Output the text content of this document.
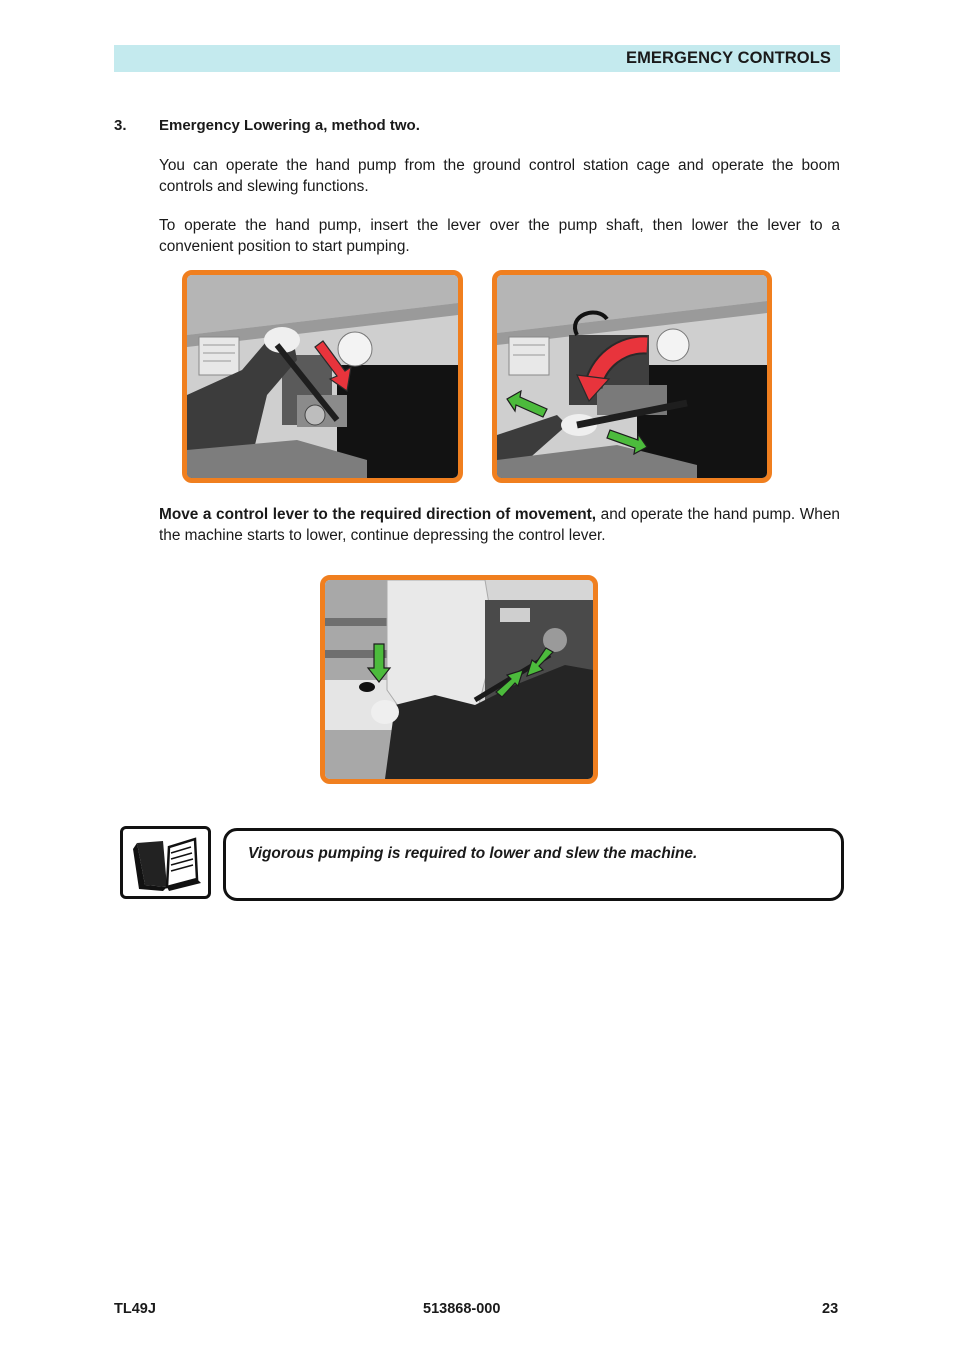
EMERGENCY CONTROLS
3. Emergency Lowering a, method two.

You can operate the hand pump from the ground control station cage and operate the boom controls and slewing functions.

To operate the hand pump, insert the lever over the pump shaft, then lower the lever to a convenient position to start pumping.

Move a control lever to the required direction of movement, and operate the hand pump. When the machine starts to lower, continue depressing the control lever.

Vigorous pumping is required to lower and slew the machine.
TL49J	513868-000	23
